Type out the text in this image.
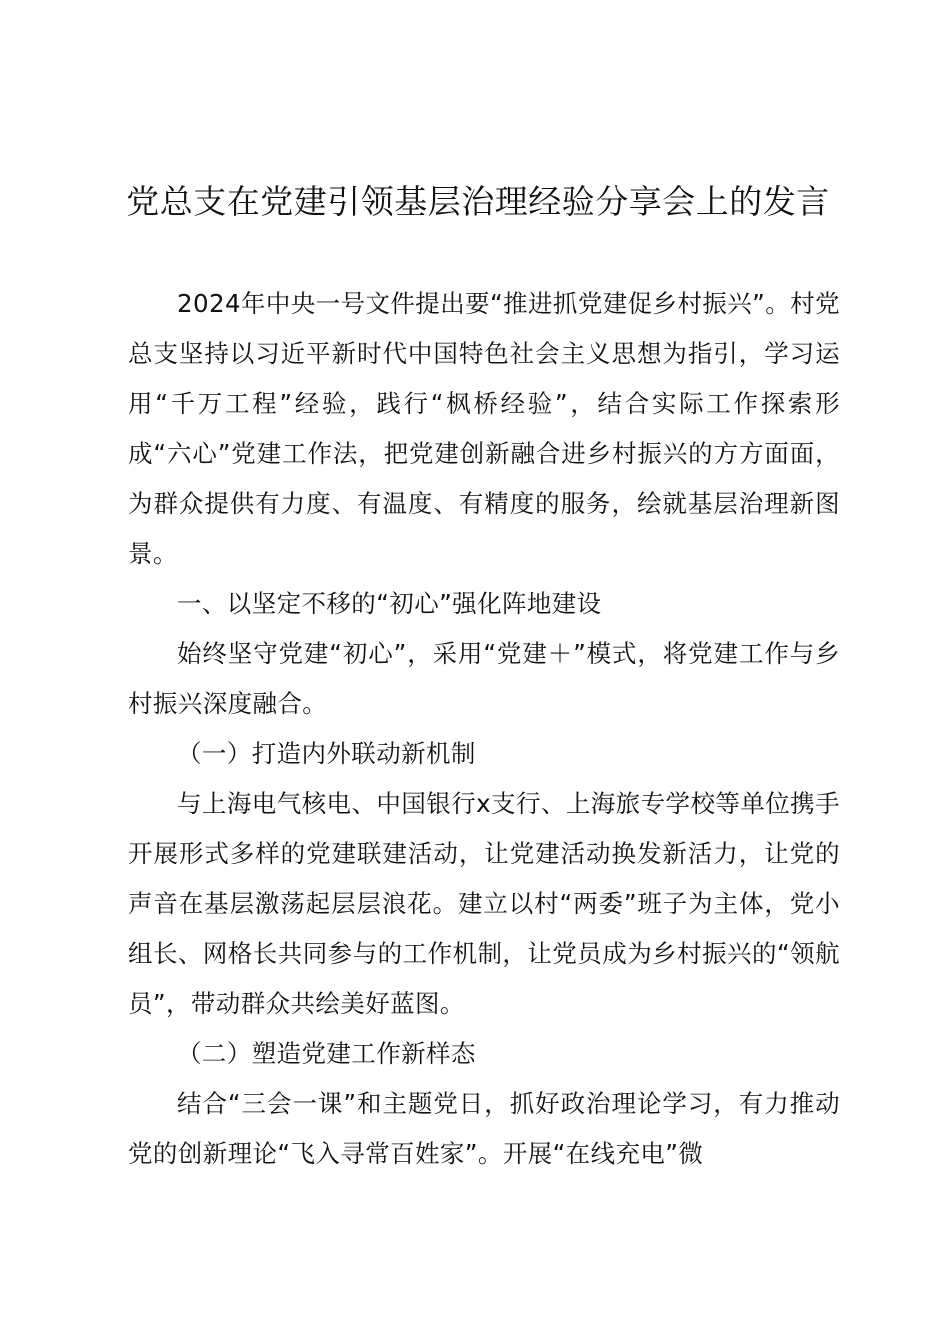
党总支在党建引领基层治理经验分享会上的发言

2024年中央一号文件提出要“推进抓党建促乡村振兴”。村党总支坚持以习近平新时代中国特色社会主义思想为指引，学习运用“千万工程”经验，践行“枫桥经验”，结合实际工作探索形成“六心”党建工作法，把党建创新融合进乡村振兴的方方面面，为群众提供有力度、有温度、有精度的服务，绘就基层治理新图景。

一、以坚定不移的“初心”强化阵地建设

始终坚守党建“初心”，采用“党建＋”模式，将党建工作与乡村振兴深度融合。

（一）打造内外联动新机制

与上海电气核电、中国银行x支行、上海旅专学校等单位携手开展形式多样的党建联建活动，让党建活动换发新活力，让党的声音在基层激荡起层层浪花。建立以村“两委”班子为主体，党小组长、网格长共同参与的工作机制，让党员成为乡村振兴的“领航员”，带动群众共绘美好蓝图。

（二）塑造党建工作新样态

结合“三会一课”和主题党日，抓好政治理论学习，有力推动党的创新理论“飞入寻常百姓家”。开展“在线充电”微
